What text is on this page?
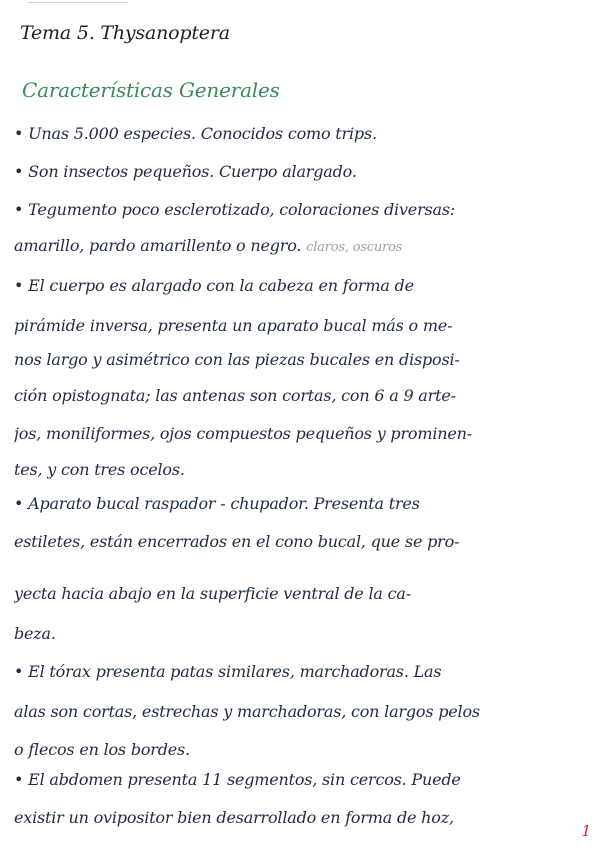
Tema 5. Thysanoptera
Características Generales
• Unas 5.000 especies. Conocidos como trips.
• Son insectos pequeños. Cuerpo alargado.
• Tegumento poco esclerotizado, coloraciones diversas:
amarillo, pardo amarillento o negro. claros, oscuros
• El cuerpo es alargado con la cabeza en forma de
pirámide inversa, presenta un aparato bucal más o me-
nos largo y asimétrico con las piezas bucales en disposi-
ción opistognata; las antenas son cortas, con 6 a 9 arte-
jos, moniliformes, ojos compuestos pequeños y prominen-
tes, y con tres ocelos.
• Aparato bucal raspador - chupador. Presenta tres
estiletes, están encerrados en el cono bucal, que se pro-
yecta hacia abajo en la superficie ventral de la ca-
beza.
• El tórax presenta patas similares, marchadoras. Las
alas son cortas, estrechas y marchadoras, con largos pelos
o flecos en los bordes.
• El abdomen presenta 11 segmentos, sin cercos. Puede
existir un ovipositor bien desarrollado en forma de hoz,
1
